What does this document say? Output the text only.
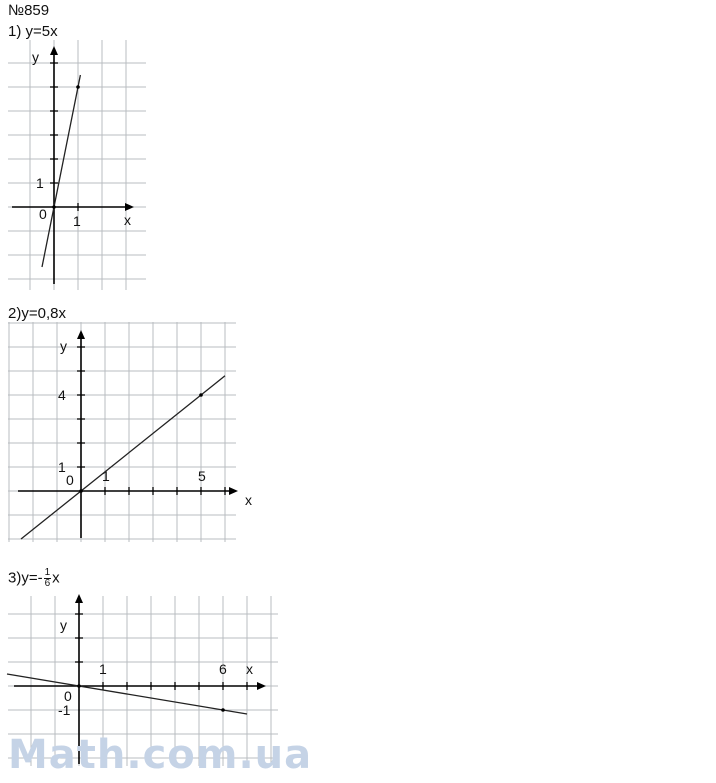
№859
1) y=5x
2)y=0,8x
$3)y=- \frac{1}{6}$ x
x
y
0 1
1
x
y
0 1	5
1
4
x
y
0
1	6
-1
Math.com.ua
